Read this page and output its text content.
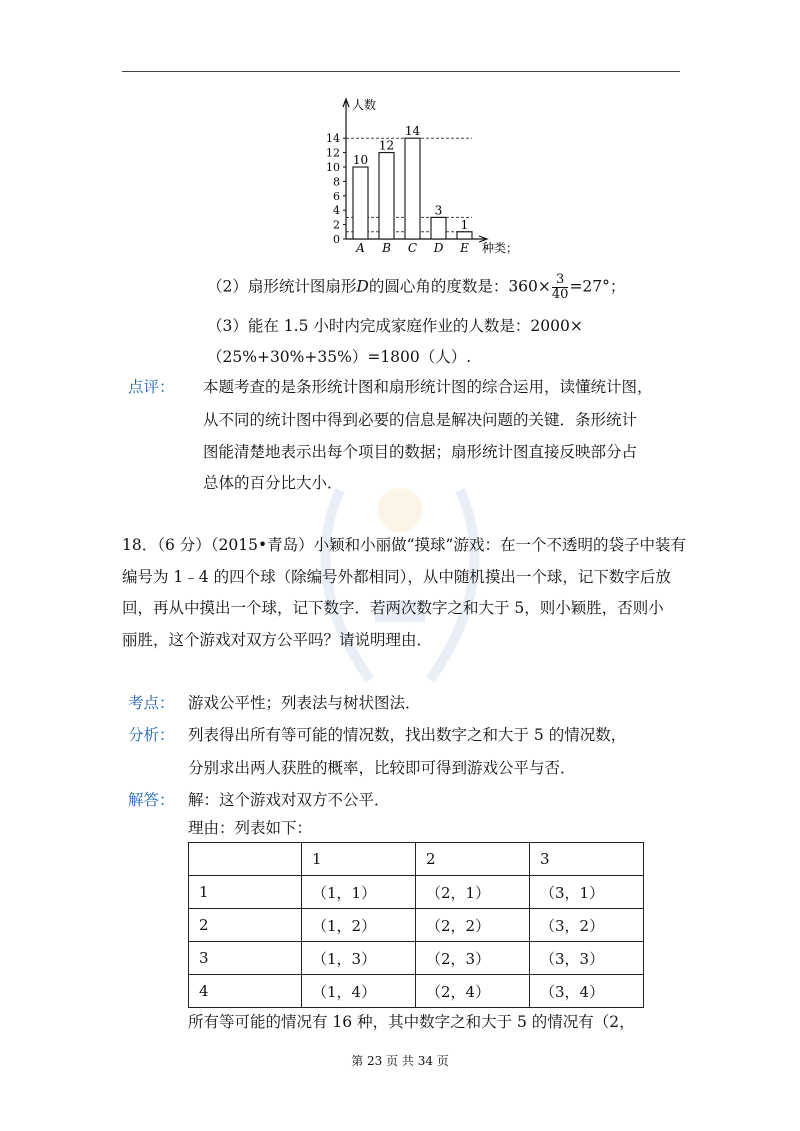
0
2
4
6
8
10
12
14
人数
10
A
12
B
14
C
3
D
1
E 种类；
（2）扇形统计图扇形D的圆心角的度数是：$360\times \frac{3}{40} =27^\circ$；
（3）能在 1.5 小时内完成家庭作业的人数是：2000×
（25%+30%+35%）=1800（人）.
点评： 本题考查的是条形统计图和扇形统计图的综合运用，读懂统计图，
从不同的统计图中得到必要的信息是解决问题的关键．条形统计
图能清楚地表示出每个项目的数据；扇形统计图直接反映部分占
总体的百分比大小．
18．（6 分）（2015•青岛）小颖和小丽做“摸球”游戏：在一个不透明的袋子中装有
编号为 1﹣4 的四个球（除编号外都相同），从中随机摸出一个球，记下数字后放
回，再从中摸出一个球，记下数字．若两次数字之和大于 5，则小颖胜，否则小
丽胜，这个游戏对双方公平吗？请说明理由．
考点： 游戏公平性；列表法与树状图法．
分析： 列表得出所有等可能的情况数，找出数字之和大于 5 的情况数，
分别求出两人获胜的概率，比较即可得到游戏公平与否．
解答： 解：这个游戏对双方不公平．
理由：列表如下：
	1	2	3
1	（1，1）	（2，1）	（3，1）
2	（1，2）	（2，2）	（3，2）
3	（1，3）	（2，3）	（3，3）
4	（1，4）	（2，4）	（3，4）
所有等可能的情况有 16 种，其中数字之和大于 5 的情况有（2，
第 23 页 共 34 页
